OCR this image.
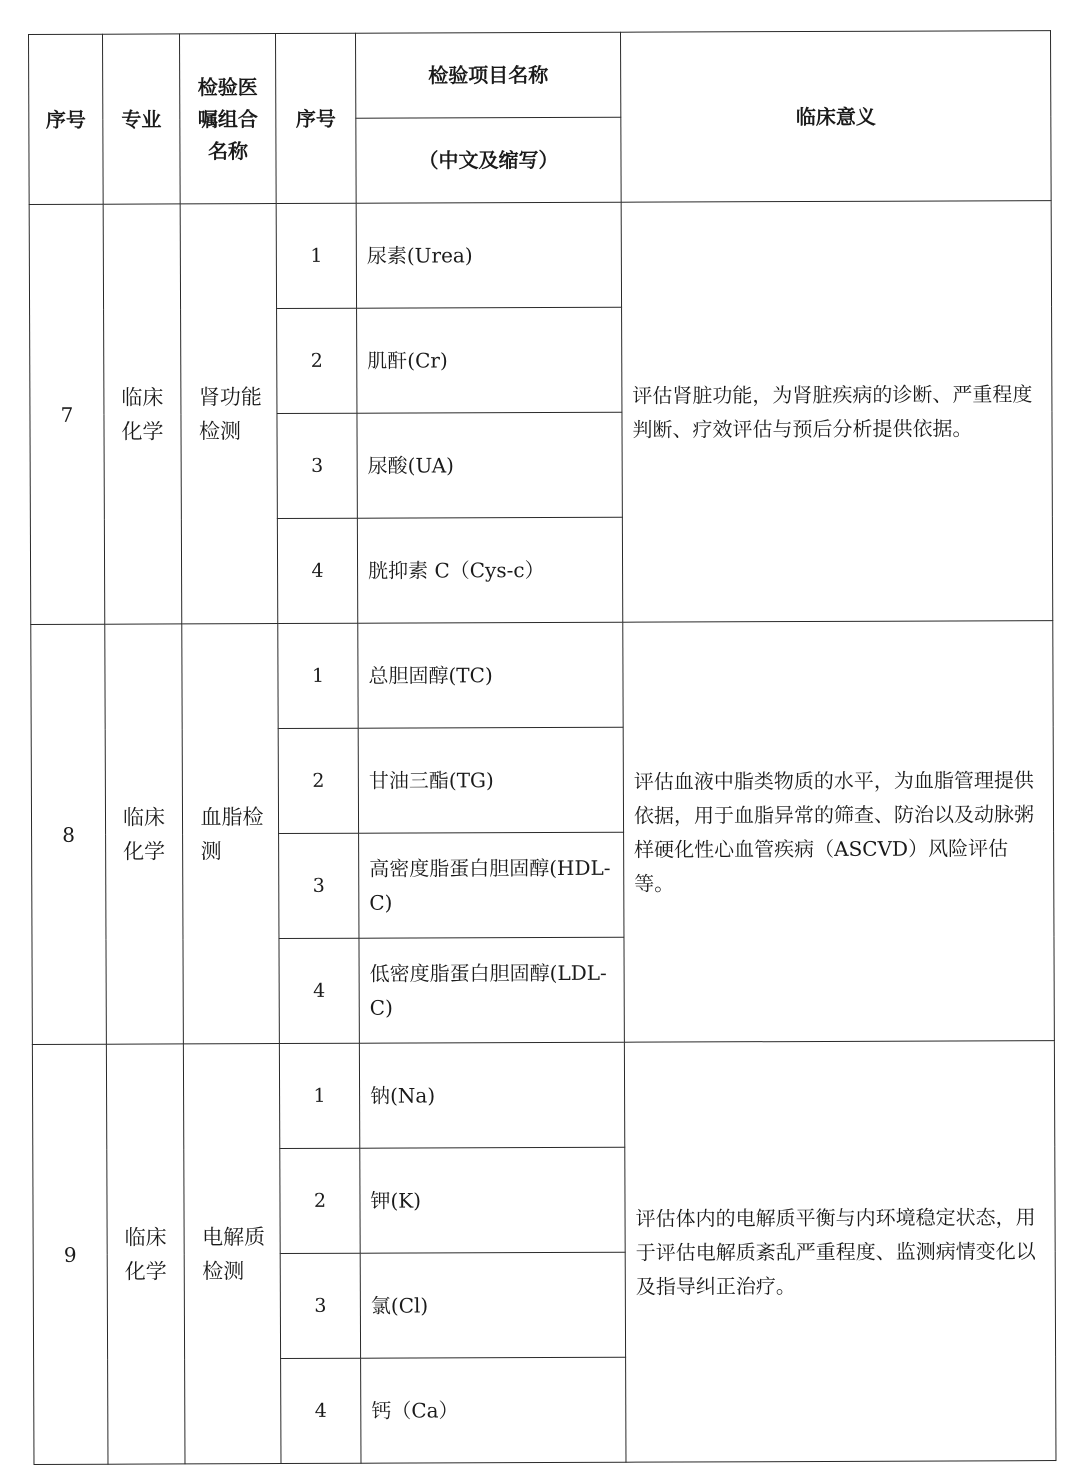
序号	专业	检验医嘱组合名称	序号	检验项目名称	临床意义
				（中文及缩写）	
7	临床化学	肾功能检测	1	尿素(Urea)	评估肾脏功能，为肾脏疾病的诊断、严重程度判断、疗效评估与预后分析提供依据。
			2	肌酐(Cr)	
			3	尿酸(UA)	
			4	胱抑素 C（Cys-c）	
8	临床化学	血脂检测	1	总胆固醇(TC)	评估血液中脂类物质的水平，为血脂管理提供依据，用于血脂异常的筛查、防治以及动脉粥样硬化性心血管疾病（ASCVD）风险评估等。
			2	甘油三酯(TG)	
			3	高密度脂蛋白胆固醇(HDL-C)	
			4	低密度脂蛋白胆固醇(LDL-C)	
9	临床化学	电解质检测	1	钠(Na)	评估体内的电解质平衡与内环境稳定状态，用于评估电解质紊乱严重程度、监测病情变化以及指导纠正治疗。
			2	钾(K)	
			3	氯(Cl)	
			4	钙（Ca）	
